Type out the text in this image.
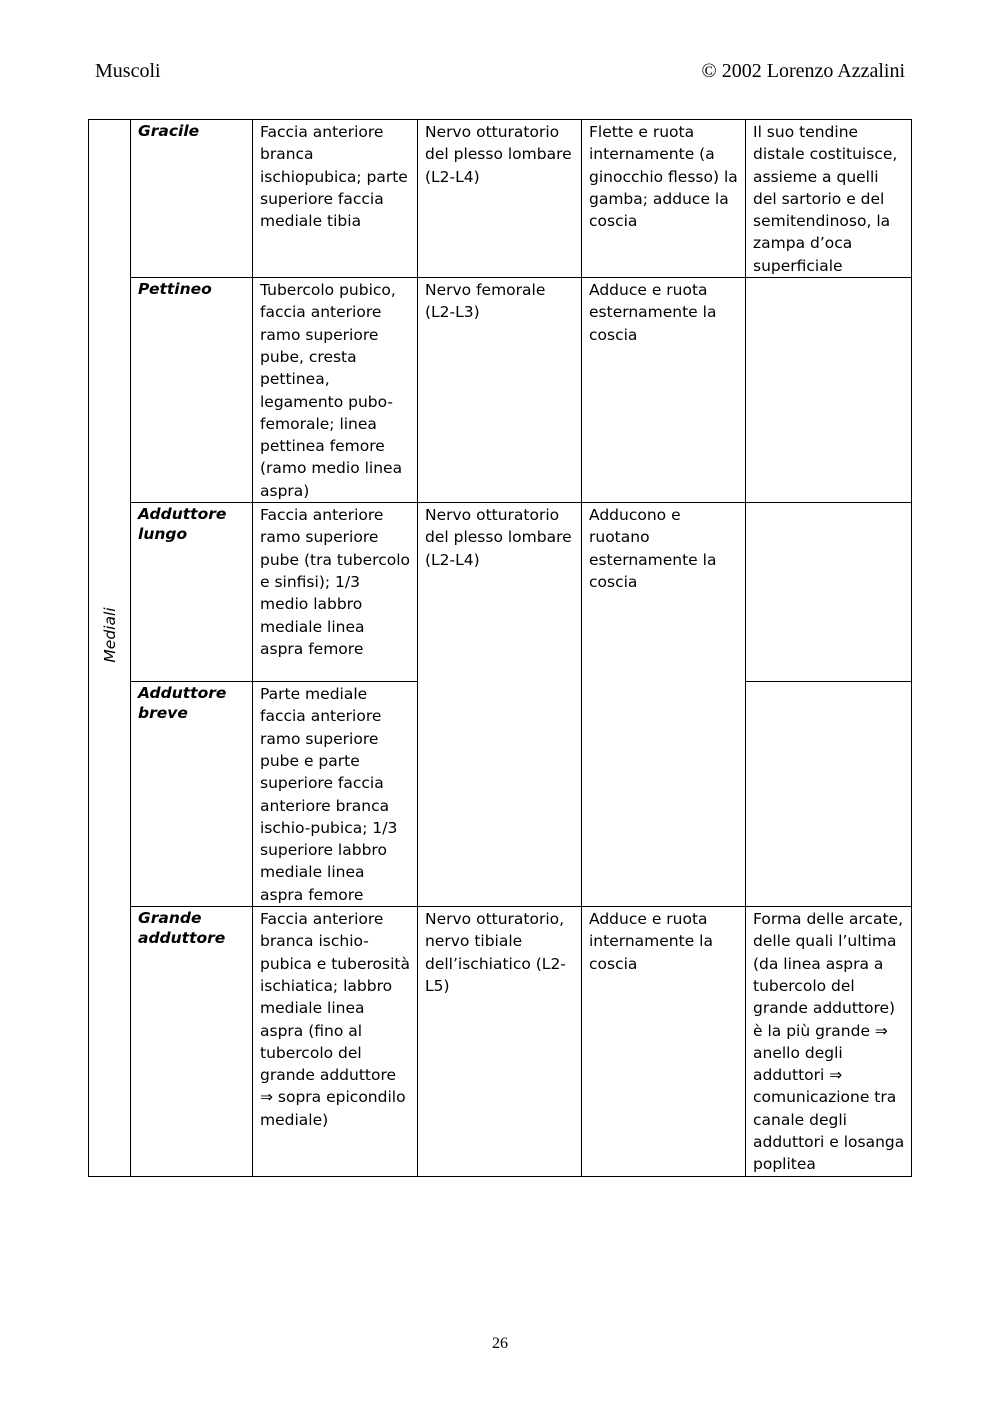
Muscoli	© 2002 Lorenzo Azzalini
Mediali	Gracile	Faccia anteriore branca ischiopubica; parte superiore faccia mediale tibia	Nervo otturatorio del plesso lombare (L2-L4)	Flette e ruota internamente (a ginocchio flesso) la gamba; adduce la coscia	Il suo tendine distale costituisce, assieme a quelli del sartorio e del semitendinoso, la zampa d’oca superficiale
	Pettineo	Tubercolo pubico, faccia anteriore ramo superiore pube, cresta pettinea, legamento pubo-femorale; linea pettinea femore (ramo medio linea aspra)	Nervo femorale (L2-L3)	Adduce e ruota esternamente la coscia	
	Adduttore lungo	Faccia anteriore ramo superiore pube (tra tubercolo e sinfisi); 1/3 medio labbro mediale linea aspra femore	Nervo otturatorio del plesso lombare (L2-L4)	Adducono e ruotano esternamente la coscia	
	Adduttore breve	Parte mediale faccia anteriore ramo superiore pube e parte superiore faccia anteriore branca ischio-pubica; 1/3 superiore labbro mediale linea aspra femore			
	Grande adduttore	Faccia anteriore branca ischio-pubica e tuberosità ischiatica; labbro mediale linea aspra (fino al tubercolo del grande adduttore ⇒ sopra epicondilo mediale)	Nervo otturatorio, nervo tibiale dell’ischiatico (L2-L5)	Adduce e ruota internamente la coscia	Forma delle arcate, delle quali l’ultima (da linea aspra a tubercolo del grande adduttore) è la più grande ⇒ anello degli adduttori ⇒ comunicazione tra canale degli adduttori e losanga poplitea
26
